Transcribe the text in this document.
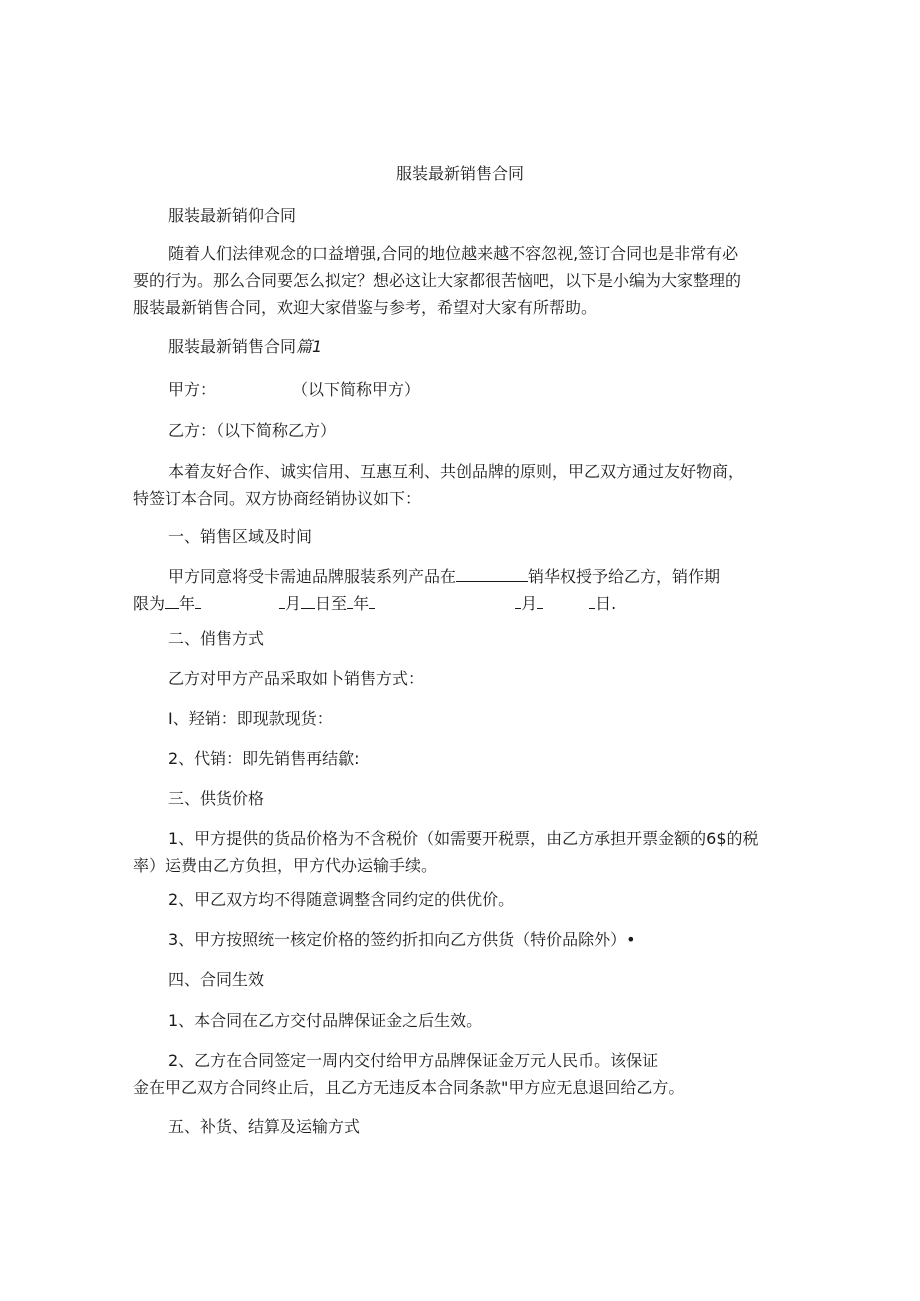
服装最新销售合同
服装最新销仰合同
随着人们法律观念的口益增强,合同的地位越来越不容忽视,签订合同也是非常有必
要的行为。那么合同要怎么拟定？想必这让大家都很苦恼吧，以下是小编为大家整理的
服装最新销售合同，欢迎大家借鉴与参考，希望对大家有所帮助。
服装最新销售合同篇1
甲方：	（以下简称甲方）
乙方：（以下简称乙方）
本着友好合作、诚实信用、互惠互利、共创品牌的原则，甲乙双方通过友好物商，
特签订本合同。双方协商经销协议如下：
一、销售区域及时间
甲方同意将受卡需迪品牌服装系列产品在	销华权授予给乙方，销作期
限为 年	月 日至 年	月	日.
二、俏售方式
乙方对甲方产品采取如卜销售方式：
I、羟销：即现款现货：
2、代销：即先销售再结歙:
三、供货价格
1、甲方提供的货品价格为不含税价（如需要开税票，由乙方承担开票金额的6$的税
率）运费由乙方负担，甲方代办运输手续。
2、甲乙双方均不得随意调整含同约定的供优价。
3、甲方按照统一核定价格的签约折扣向乙方供货（特价品除外）•
四、合同生效
1、本合同在乙方交付品牌保证金之后生效。
2、乙方在合同签定一周内交付给甲方品牌保证金万元人民币。该保证
金在甲乙双方合同终止后，且乙方无违反本合同条款"甲方应无息退回给乙方。
五、补货、结算及运输方式
